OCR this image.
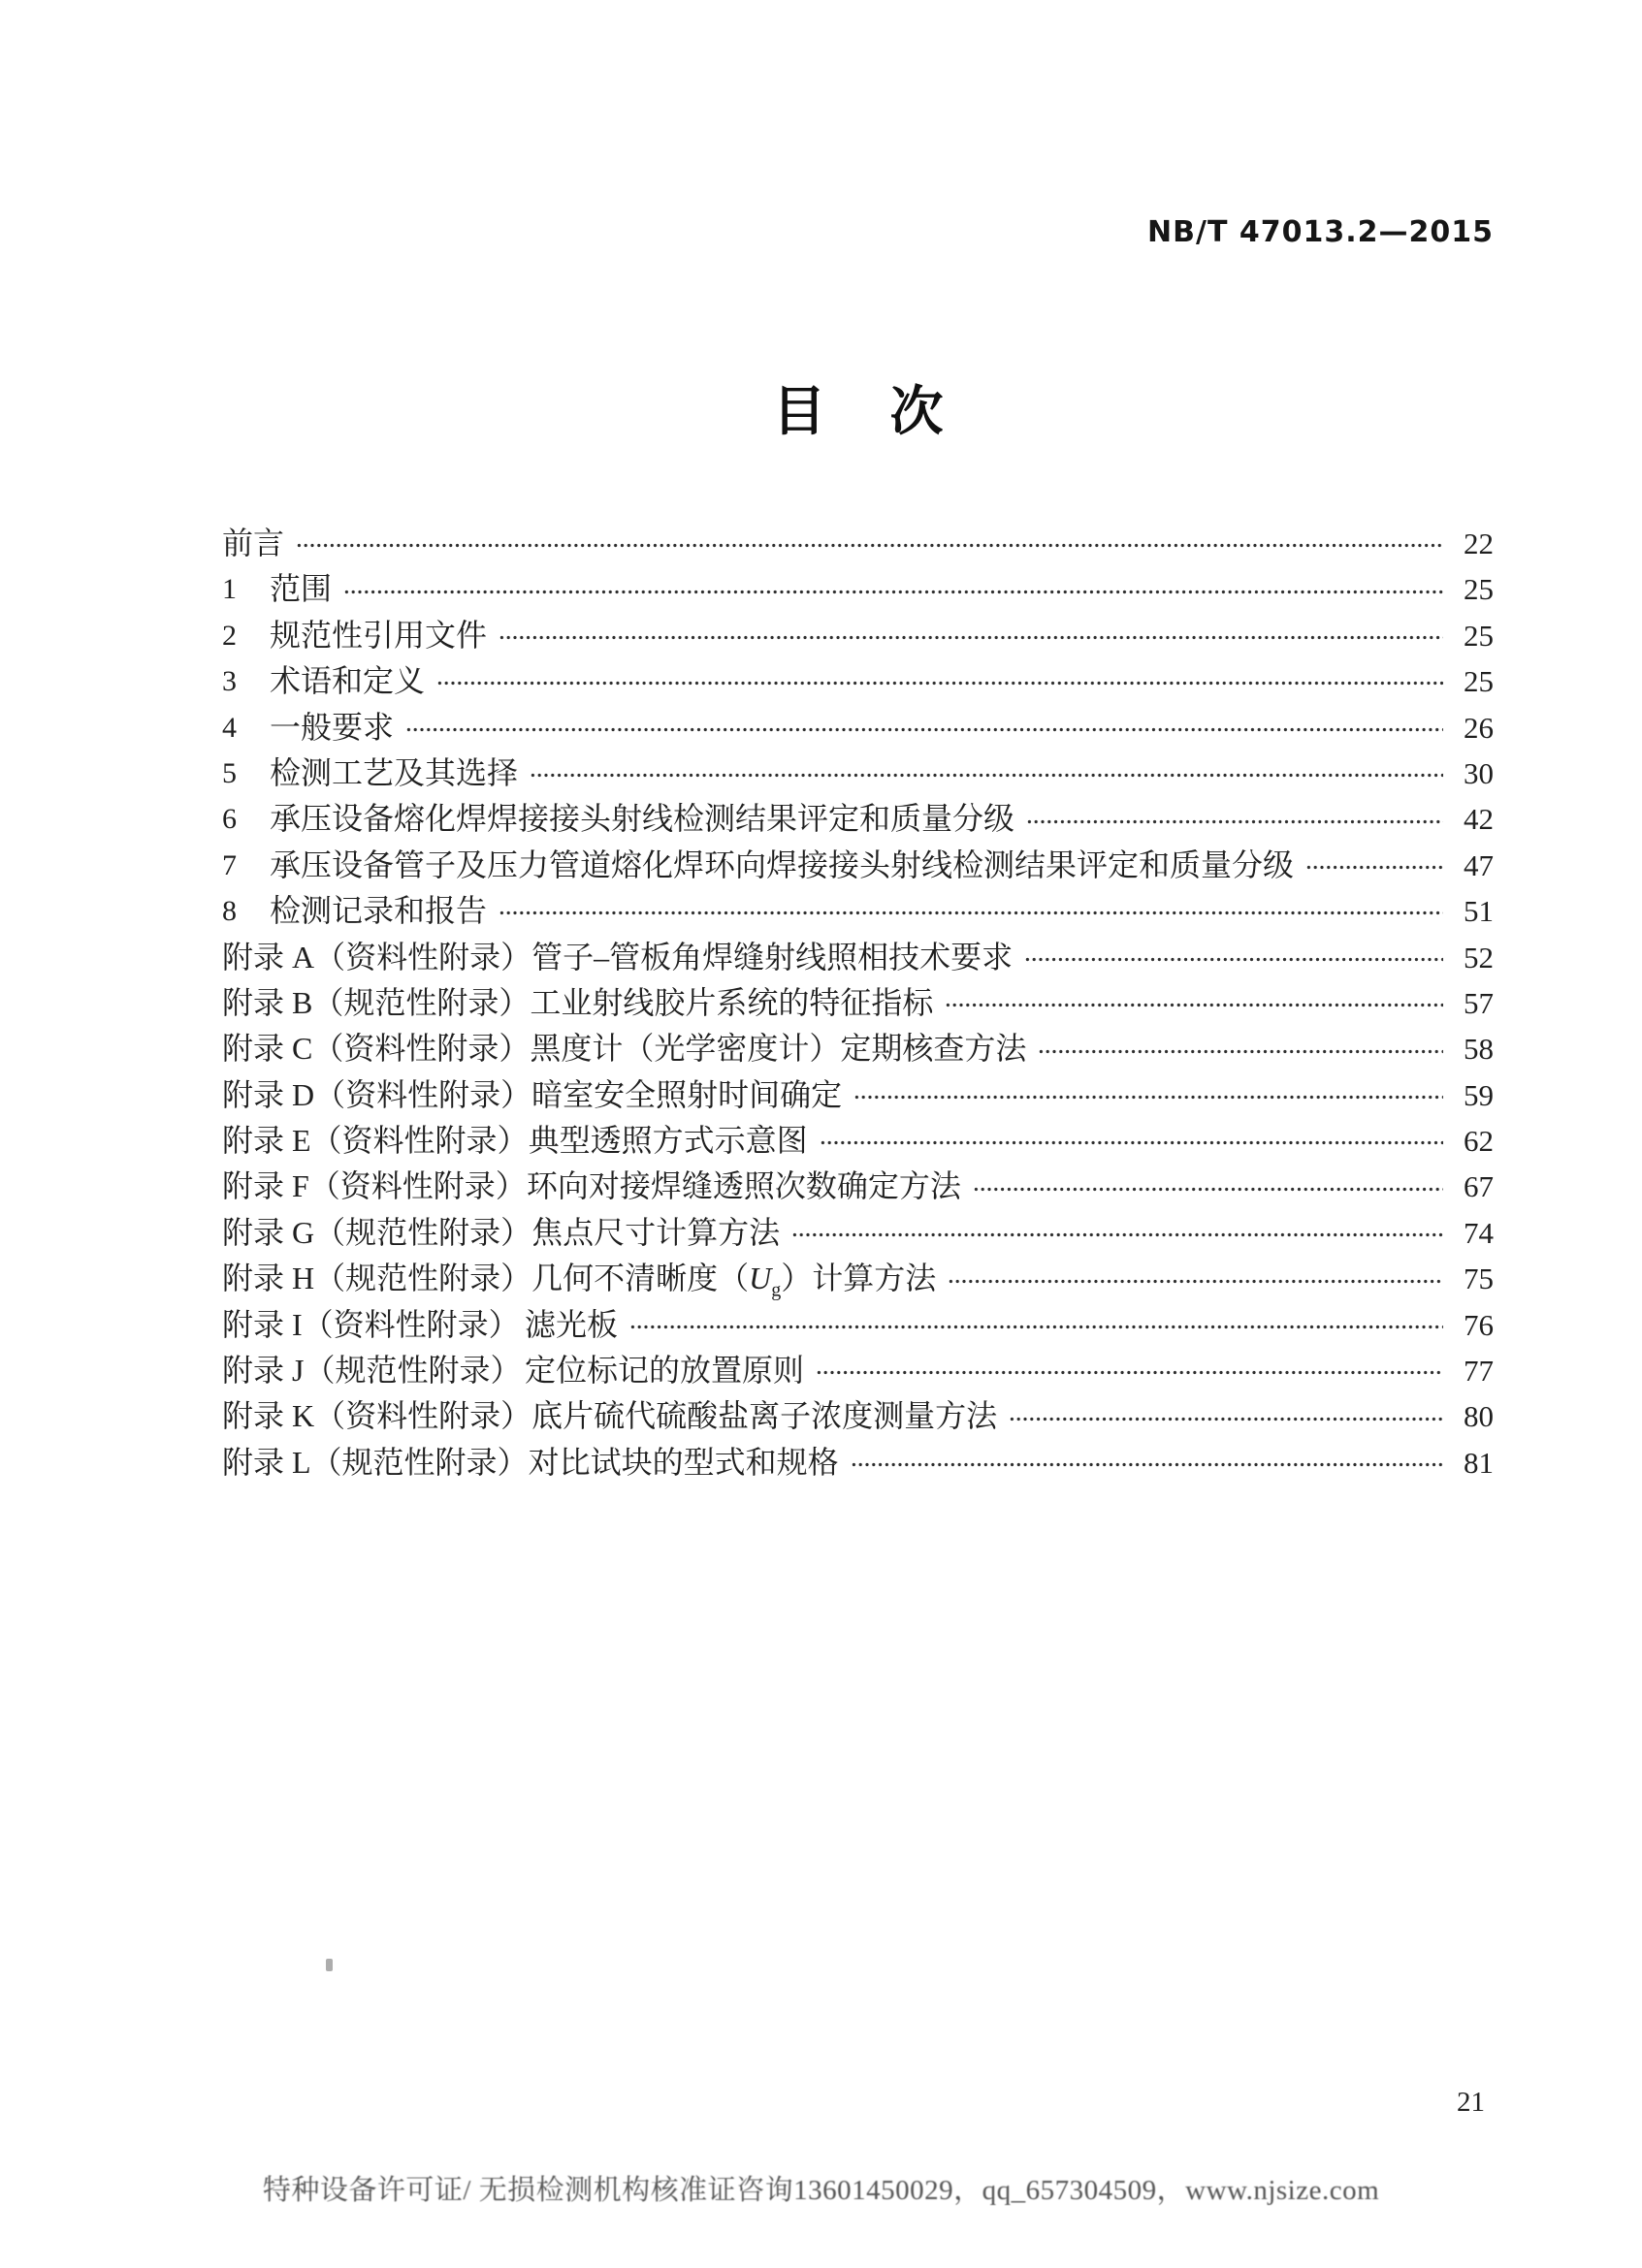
NB/T 47013.2—2015
目 次
前言	22
1	范围	25
2	规范性引用文件	25
3	术语和定义	25
4	一般要求	26
5	检测工艺及其选择	30
6	承压设备熔化焊焊接接头射线检测结果评定和质量分级	42
7	承压设备管子及压力管道熔化焊环向焊接接头射线检测结果评定和质量分级	47
8	检测记录和报告	51
附录 A（资料性附录） 管子–管板角焊缝射线照相技术要求	52
附录 B（规范性附录） 工业射线胶片系统的特征指标	57
附录 C（资料性附录） 黑度计（光学密度计）定期核查方法	58
附录 D（资料性附录） 暗室安全照射时间确定	59
附录 E（资料性附录） 典型透照方式示意图	62
附录 F（资料性附录） 环向对接焊缝透照次数确定方法	67
附录 G（规范性附录） 焦点尺寸计算方法	74
附录 H（规范性附录） 几何不清晰度$(U_g)$计算方法	75
附录 I（资料性附录） 滤光板	76
附录 J（规范性附录） 定位标记的放置原则	77
附录 K（资料性附录） 底片硫代硫酸盐离子浓度测量方法	80
附录 L（规范性附录） 对比试块的型式和规格	81
21
特种设备许可证/ 无损检测机构核准证咨询13601450029，qq_657304509，www.njsize.com
